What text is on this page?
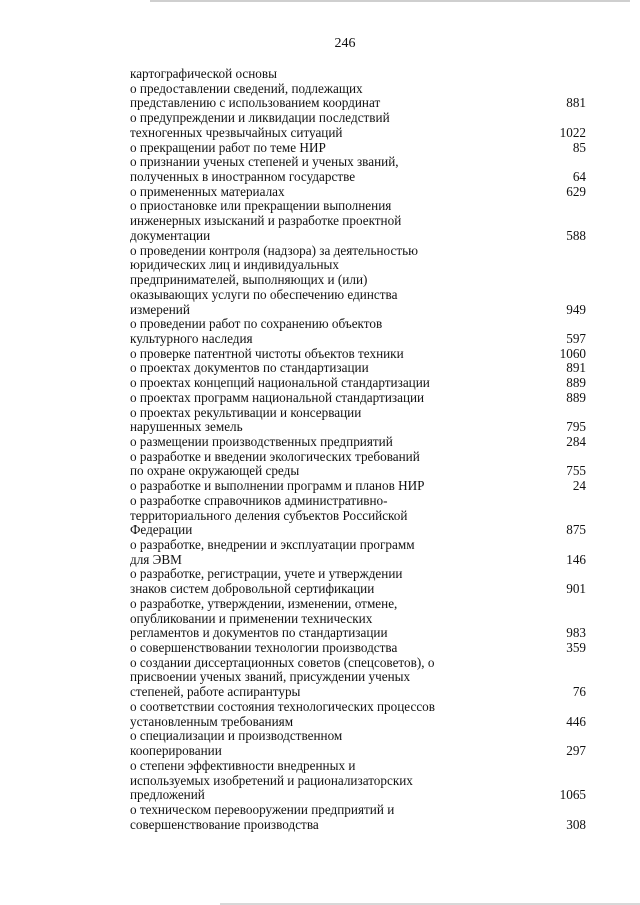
246
картографической основы
о предоставлении сведений, подлежащих
представлению с использованием координат	881
о предупреждении и ликвидации последствий
техногенных чрезвычайных ситуаций	1022
о прекращении работ по теме НИР	85
о признании ученых степеней и ученых званий,
полученных в иностранном государстве	64
о примененных материалах	629
о приостановке или прекращении выполнения
инженерных изысканий и разработке проектной
документации	588
о проведении контроля (надзора) за деятельностью
юридических лиц и индивидуальных
предпринимателей, выполняющих и (или)
оказывающих услуги по обеспечению единства
измерений	949
о проведении работ по сохранению объектов
культурного наследия	597
о проверке патентной чистоты объектов техники	1060
о проектах документов по стандартизации	891
о проектах концепций национальной стандартизации	889
о проектах программ национальной стандартизации	889
о проектах рекультивации и консервации
нарушенных земель	795
о размещении производственных предприятий	284
о разработке и введении экологических требований
по охране окружающей среды	755
о разработке и выполнении программ и планов НИР	24
о разработке справочников административно-
территориального деления субъектов Российской
Федерации	875
о разработке, внедрении и эксплуатации программ
для ЭВМ	146
о разработке, регистрации, учете и утверждении
знаков систем добровольной сертификации	901
о разработке, утверждении, изменении, отмене,
опубликовании и применении технических
регламентов и документов по стандартизации	983
о совершенствовании технологии производства	359
о создании диссертационных советов (спецсоветов), о
присвоении ученых званий, присуждении ученых
степеней, работе аспирантуры	76
о соответствии состояния технологических процессов
установленным требованиям	446
о специализации и производственном
кооперировании	297
о степени эффективности внедренных и
используемых изобретений и рационализаторских
предложений	1065
о техническом перевооружении предприятий и
совершенствование производства	308
